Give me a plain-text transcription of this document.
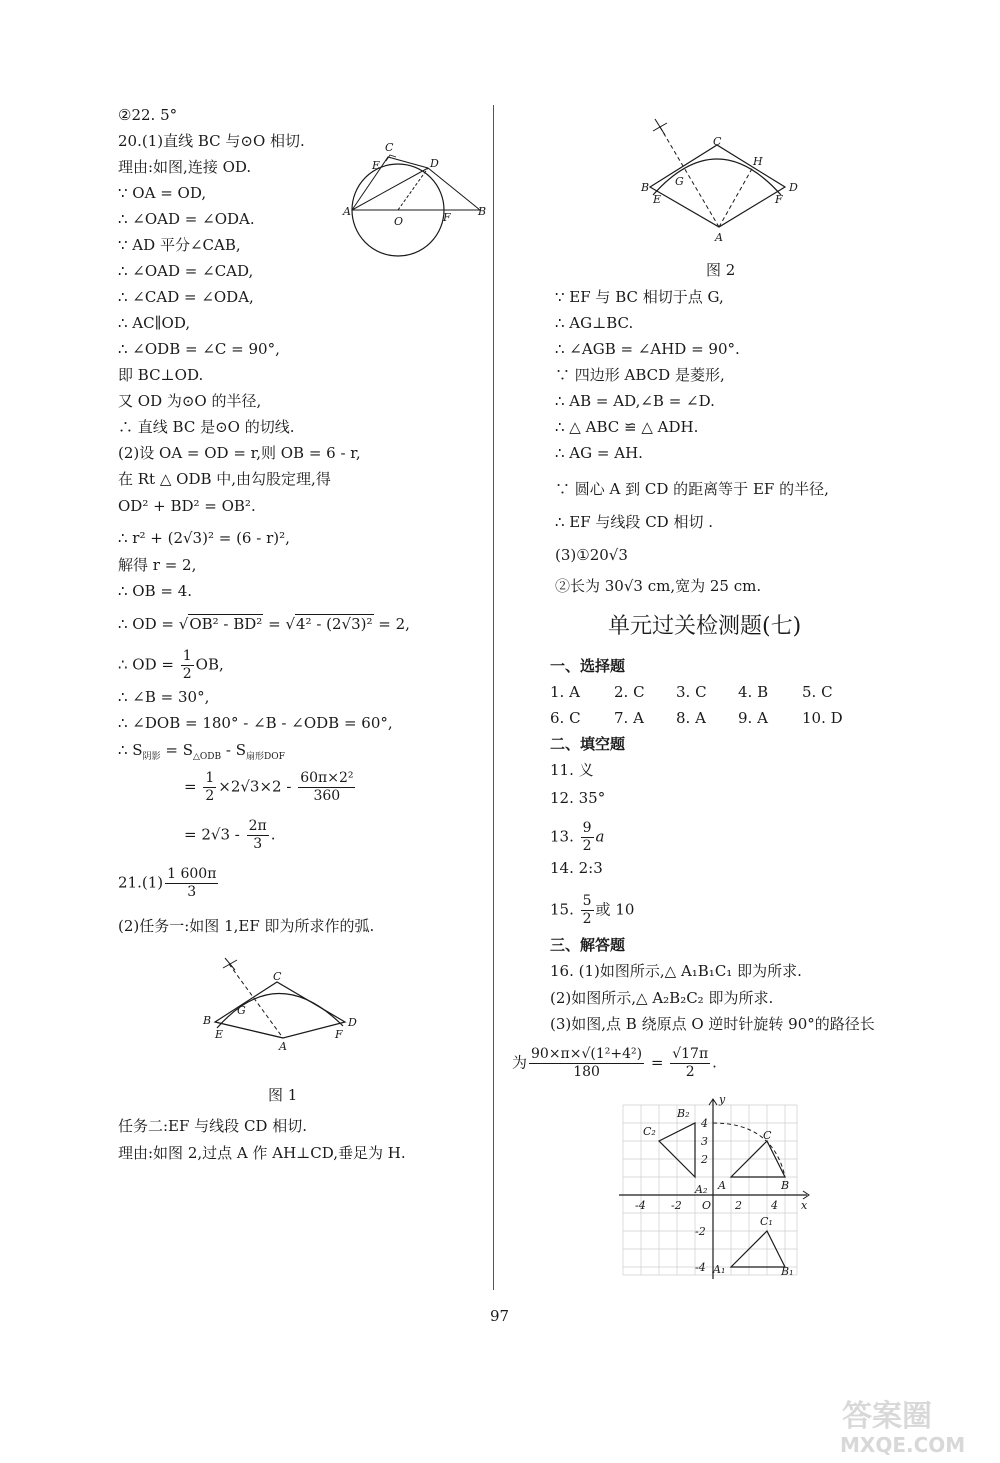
②22. 5°
20.(1)直线 BC 与⊙O 相切.
理由:如图,连接 OD.
∵ OA = OD,
∴ ∠OAD = ∠ODA.
∵ AD 平分∠CAB,
∴ ∠OAD = ∠CAD,
∴ ∠CAD = ∠ODA,
∴ AC∥OD,
∴ ∠ODB = ∠C = 90°,
即 BC⊥OD.
又 OD 为⊙O 的半径,
∴ 直线 BC 是⊙O 的切线.
(2)设 OA = OD = r,则 OB = 6 - r,
在 Rt △ ODB 中,由勾股定理,得
OD² + BD² = OB².
∴ r² + (2√3)² = (6 - r)²,
解得 r = 2,
∴ OB = 4.
∴ OD = √OB² - BD² = √4² - (2√3)² = 2,
∴ OD = $\frac{1}{2}$ OB,
∴ ∠B = 30°,
∴ ∠DOB = 180° - ∠B - ∠ODB = 60°,
∴ $S_{阴影} = S_{\triangle ODB} - S_{扇形DOF}$
= $\frac{1}{2} \times 2√3\times 2 - \frac{\text{60π×2²}}{360}$
= $2√3 - \frac{2\pi}{3}$ .
$21.(1) \frac{1 600\pi}{3}$
(2)任务一:如图 1,EF 即为所求作的弧.
C
E	D
A
O	F B
C
B
G
E
D
F
A
图 1
任务二:EF 与线段 CD 相切.
理由:如图 2,过点 A 作 AH⊥CD,垂足为 H.
C
H
B G
E
D
F
A
图 2
∵ EF 与 BC 相切于点 G,
∴ AG⊥BC.
∴ ∠AGB = ∠AHD = 90°.
∵ 四边形 ABCD 是菱形,
∴ AB = AD,∠B = ∠D.
∴ △ ABC ≌ △ ADH.
∴ AG = AH.
∵ 圆心 A 到 CD 的距离等于 EF 的半径,
∴ EF 与线段 CD 相切 .
(3)①20√3
②长为 30√3 cm,宽为 25 cm.
单元过关检测题(七)
一、选择题
1. A 2. C 3. C 4. B 5. C
6. C 7. A 8. A 9. A 10. D
二、填空题
11. 义
12. 35°
13. $\frac{9}{2}$ a
14. 2:3
15. $\frac{5}{2}$ 或 10
三、解答题
16. (1)如图所示,△ A₁B₁C₁ 即为所求.
(2)如图所示,△ A₂B₂C₂ 即为所求.
(3)如图,点 B 绕原点 O 逆时针旋转 90°的路径长
为 $\frac{\text{90×π×√(1²+4²)}}{180} = \frac{√17\pi}{2}$ .
y
x
O
-4 -2	2	4
4
3
2
-2
-4
C₂
B₂
A₂ A
C
B
C₁
A₁	B₁
97
答案圈
MXQE.COM
